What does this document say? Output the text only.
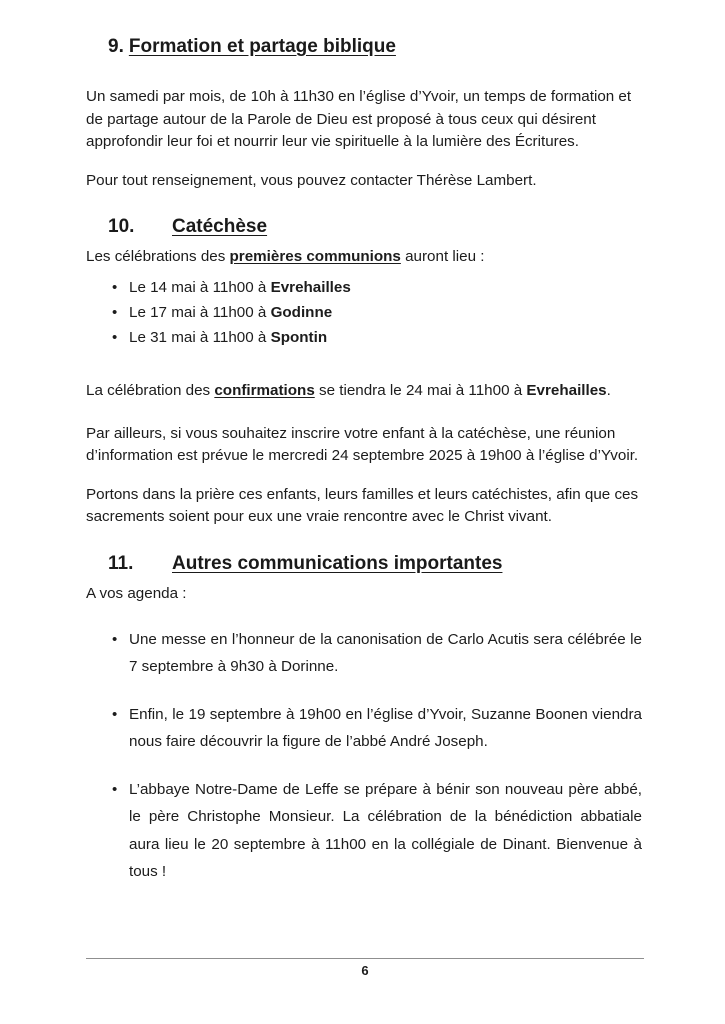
9. Formation et partage biblique

Un samedi par mois, de 10h à 11h30 en l’église d’Yvoir, un temps de formation et de partage autour de la Parole de Dieu est proposé à tous ceux qui désirent approfondir leur foi et nourrir leur vie spirituelle à la lumière des Écritures.

Pour tout renseignement, vous pouvez contacter Thérèse Lambert.

10.	Catéchèse

Les célébrations des premières communions auront lieu :

• Le 14 mai à 11h00 à Evrehailles
• Le 17 mai à 11h00 à Godinne
• Le 31 mai à 11h00 à Spontin

La célébration des confirmations se tiendra le 24 mai à 11h00 à Evrehailles.

Par ailleurs, si vous souhaitez inscrire votre enfant à la catéchèse, une réunion d’information est prévue le mercredi 24 septembre 2025 à 19h00 à l’église d’Yvoir.

Portons dans la prière ces enfants, leurs familles et leurs catéchistes, afin que ces sacrements soient pour eux une vraie rencontre avec le Christ vivant.

11.	Autres communications importantes

A vos agenda :

• Une messe en l’honneur de la canonisation de Carlo Acutis sera célébrée le 7 septembre à 9h30 à Dorinne.
• Enfin, le 19 septembre à 19h00 en l’église d’Yvoir, Suzanne Boonen viendra nous faire découvrir la figure de l’abbé André Joseph.
• L’abbaye Notre-Dame de Leffe se prépare à bénir son nouveau père abbé, le père Christophe Monsieur. La célébration de la bénédiction abbatiale aura lieu le 20 septembre à 11h00 en la collégiale de Dinant. Bienvenue à tous !
6
